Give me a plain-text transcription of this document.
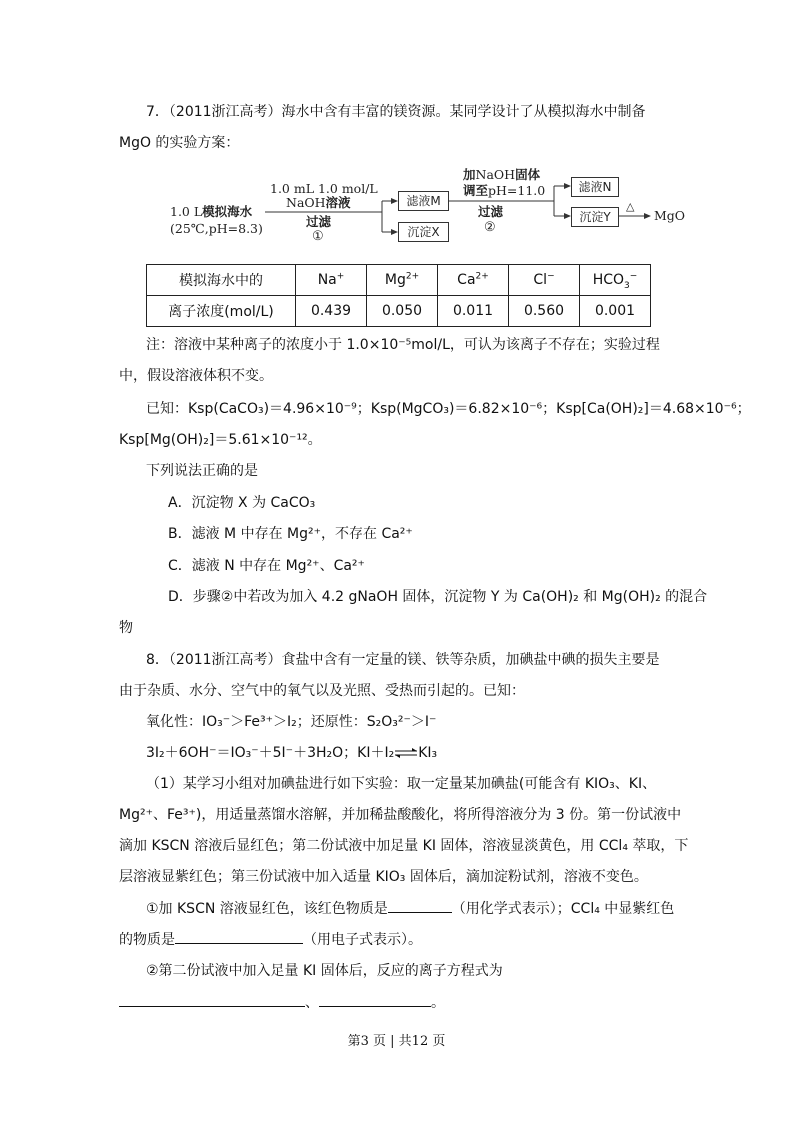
7．（2011浙江高考）海水中含有丰富的镁资源。某同学设计了从模拟海水中制备
MgO 的实验方案：
1.0 L模拟海水
(25℃,pH=8.3)
1.0 mL 1.0 mol/L
NaOH溶液
过滤
①
滤液M
沉淀X
加NaOH固体
调至pH=11.0
过滤
②
滤液N
沉淀Y
△
MgO
模拟海水中的	Na+	$Mg^{2+}$	$Ca^{2+}$	Cl−	$HCO_3^-$
离子浓度(mol/L)	0.439	0.050	0.011	0.560	0.001
注：溶液中某种离子的浓度小于 1.0×10⁻⁵mol/L，可认为该离子不存在；实验过程
中，假设溶液体积不变。
已知：Ksp(CaCO₃)＝4.96×10⁻⁹；Ksp(MgCO₃)＝6.82×10⁻⁶；Ksp[Ca(OH)₂]＝4.68×10⁻⁶；
Ksp[Mg(OH)₂]＝5.61×10⁻¹²。
下列说法正确的是
A．沉淀物 X 为 CaCO₃
B．滤液 M 中存在 Mg²⁺，不存在 Ca²⁺
C．滤液 N 中存在 Mg²⁺、Ca²⁺
D．步骤②中若改为加入 4.2 gNaOH 固体，沉淀物 Y 为 Ca(OH)₂ 和 Mg(OH)₂ 的混合
物
8．（2011浙江高考）食盐中含有一定量的镁、铁等杂质，加碘盐中碘的损失主要是
由于杂质、水分、空气中的氧气以及光照、受热而引起的。已知：
氧化性：IO₃⁻＞Fe³⁺＞I₂；还原性：S₂O₃²⁻＞I⁻
3I₂＋6OH⁻＝IO₃⁻＋5I⁻＋3H₂O；KI＋I₂⇌KI₃
（1）某学习小组对加碘盐进行如下实验：取一定量某加碘盐(可能含有 KIO₃、KI、
Mg²⁺、Fe³⁺)，用适量蒸馏水溶解，并加稀盐酸酸化，将所得溶液分为 3 份。第一份试液中
滴加 KSCN 溶液后显红色；第二份试液中加足量 KI 固体，溶液显淡黄色，用 CCl₄ 萃取，下
层溶液显紫红色；第三份试液中加入适量 KIO₃ 固体后，滴加淀粉试剂，溶液不变色。
①加 KSCN 溶液显红色，该红色物质是	（用化学式表示）；CCl₄ 中显紫红色
的物质是	（用电子式表示）。
②第二份试液中加入足量 KI 固体后，反应的离子方程式为
、	。
第3 页 | 共12 页
